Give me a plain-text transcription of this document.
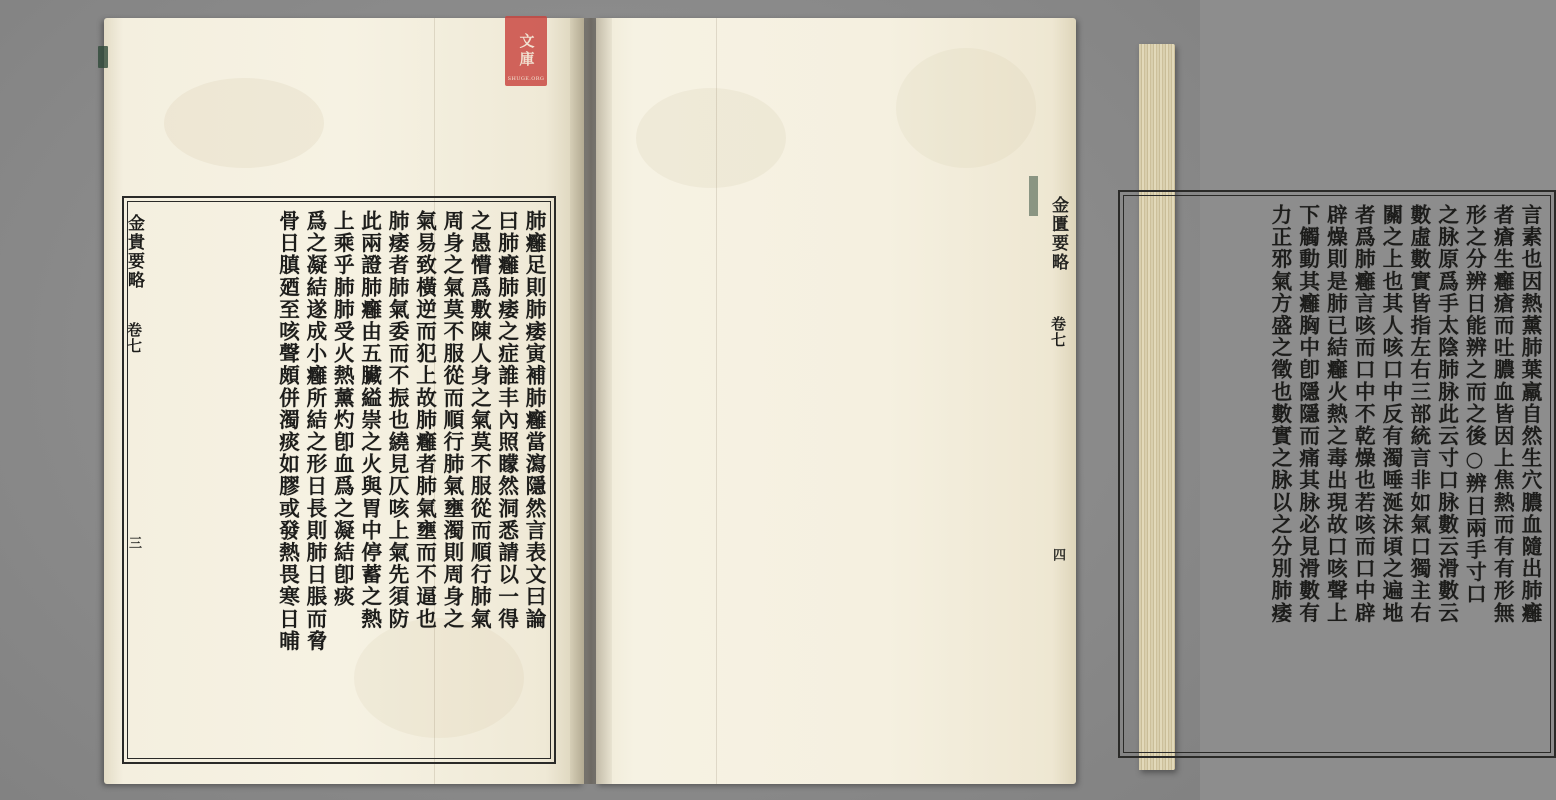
肺癰足則肺痿寅補肺癰當瀉隱然言表文曰論
曰肺癰肺痿之症誰丰內照矇然洞悉請以一得
之愚懵爲敷陳人身之氣莫不服從而順行肺氣
周身之氣莫不服從而順行肺氣壅濁則周身之
氣易致橫逆而犯上故肺癰者肺氣壅而不逼也
肺痿者肺氣委而不振也繞見仄咳上氣先須防
此兩證肺癰由五臟縊崇之火與胃中停蓄之熱
上乘乎肺肺受火熱薰灼卽血爲之凝結卽痰
爲之凝結遂成小癰所結之形日長則肺日脹而脅
骨日䐜廼至咳聲頗併濁痰如膠或發熱畏寒日晡	言素也因熱薰肺葉羸自然生穴膿血隨出肺癰
者瘡生癰瘡而吐膿血皆因上焦熱而有有形無
形之分辨日能辨之而之後○辨日兩手寸口
之脉原爲手太陰肺脉此云寸口脉數云滑數云
數虛數實皆指左右三部統言非如氣口獨主右
關之上也其人咳口中反有濁唾涎沫頃之遍地
者爲肺癰言咳而口中不乾燥也若咳而口中辟
辟燥則是肺已結癰火熱之毒出現故口咳聲上
下觸動其癰胸中卽隱隱而痛其脉必見滑數有
力正邪氣方盛之徵也數實之脉以之分別肺痿
金貴要略
卷七
三
金匱要略
卷七
四
文庫
SHUGE.ORG
